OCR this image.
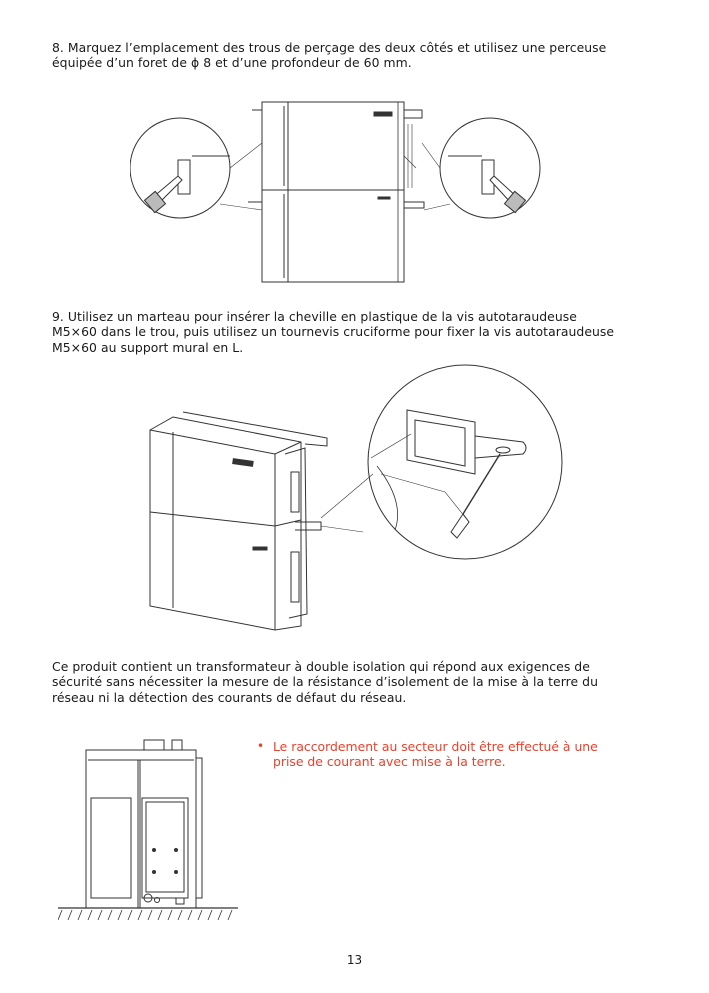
8. Marquez l’emplacement des trous de perçage des deux côtés et utilisez une perceuse
équipée d’un foret de ϕ 8 et d’une profondeur de 60 mm.

9. Utilisez un marteau pour insérer la cheville en plastique de la vis autotaraudeuse
M5×60 dans le trou, puis utilisez un tournevis cruciforme pour fixer la vis autotaraudeuse
M5×60 au support mural en L.

Ce produit contient un transformateur à double isolation qui répond aux exigences de
sécurité sans nécessiter la mesure de la résistance d’isolement de la mise à la terre du
réseau ni la détection des courants de défaut du réseau.

• Le raccordement au secteur doit être effectué à une
prise de courant avec mise à la terre.
13
